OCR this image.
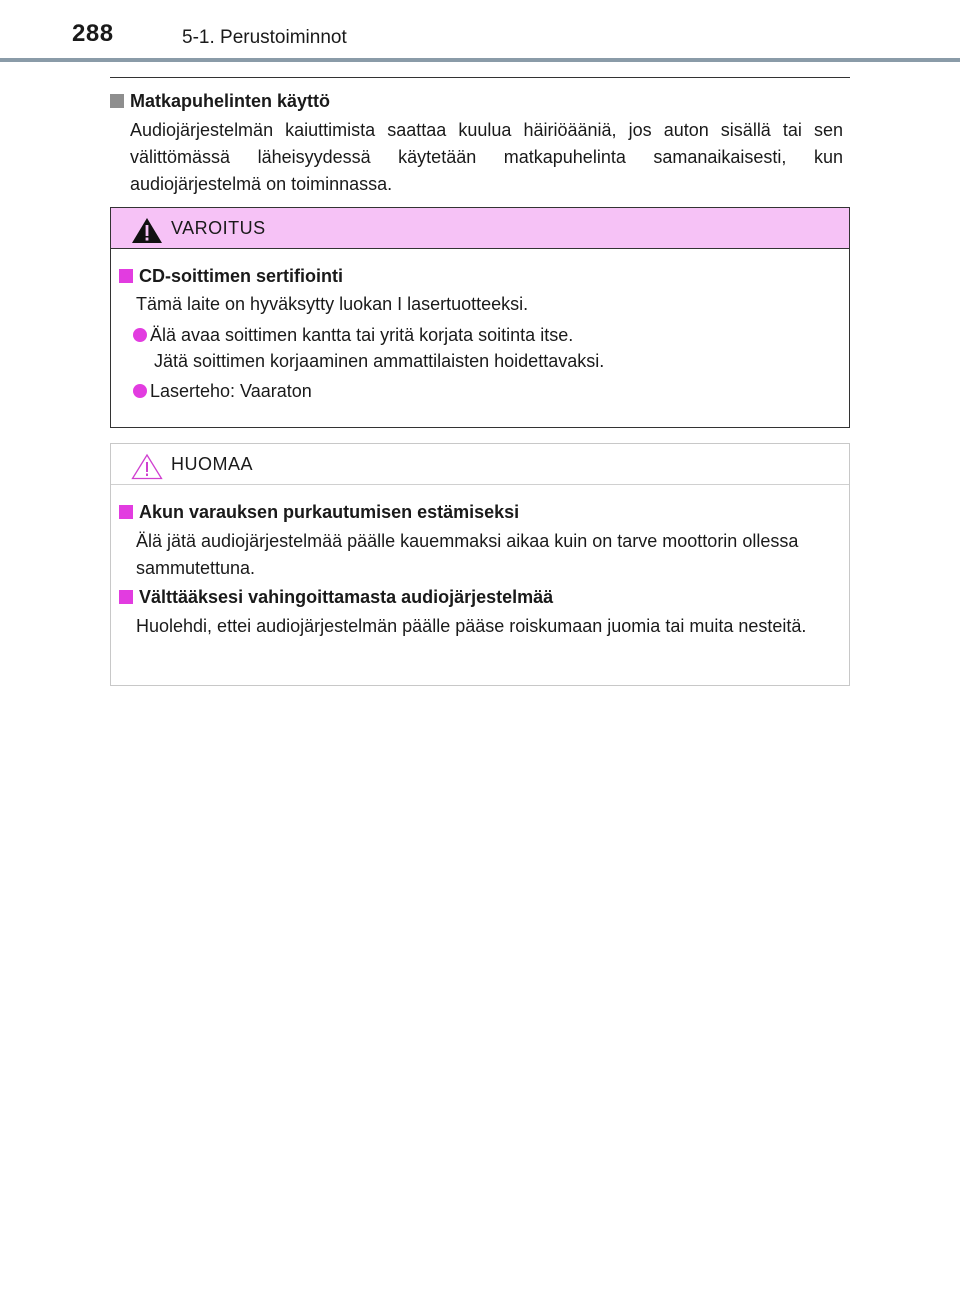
288	5-1. Perustoiminnot
Matkapuhelinten käyttö
Audiojärjestelmän kaiuttimista saattaa kuulua häiriöääniä, jos auton sisällä tai sen välittömässä läheisyydessä käytetään matkapuhelinta samanaikaisesti, kun audiojärjestelmä on toiminnassa.
VAROITUS
CD-soittimen sertifiointi
Tämä laite on hyväksytty luokan I lasertuotteeksi.
Älä avaa soittimen kantta tai yritä korjata soitinta itse.
Jätä soittimen korjaaminen ammattilaisten hoidettavaksi.
Laserteho: Vaaraton
HUOMAA
Akun varauksen purkautumisen estämiseksi
Älä jätä audiojärjestelmää päälle kauemmaksi aikaa kuin on tarve moottorin ollessa sammutettuna.
Välttääksesi vahingoittamasta audiojärjestelmää
Huolehdi, ettei audiojärjestelmän päälle pääse roiskumaan juomia tai muita nesteitä.
